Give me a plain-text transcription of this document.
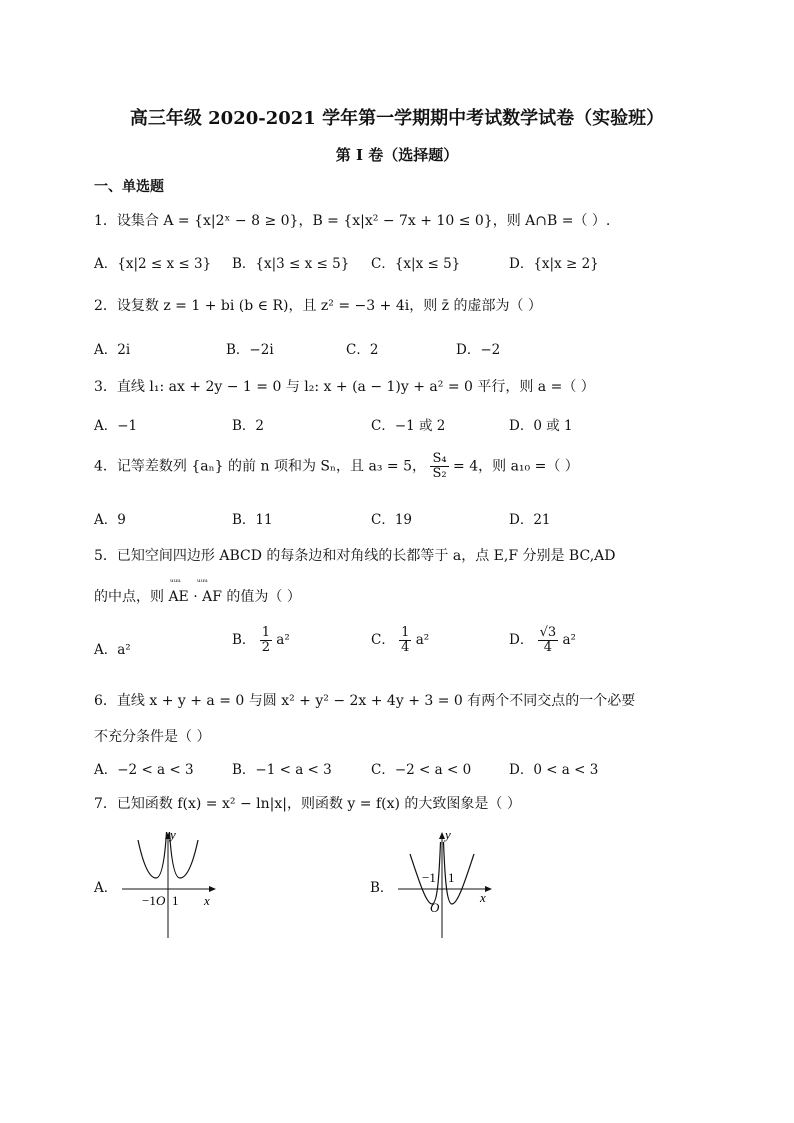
高三年级 2020-2021 学年第一学期期中考试数学试卷（实验班）
第 I 卷（选择题）
一、单选题
1．设集合 A = {x|2ˣ − 8 ≥ 0}，B = {x|x² − 7x + 10 ≤ 0}，则 A∩B =（ ）.
A．{x|2 ≤ x ≤ 3} B．{x|3 ≤ x ≤ 5} C．{x|x ≤ 5}	D．{x|x ≥ 2}
2．设复数 z = 1 + bi (b ∈ R)，且 z² = −3 + 4i，则 z̄ 的虚部为（ ）
A．2i	B．−2i	C．2	D．−2
3．直线 l₁: ax + 2y − 1 = 0 与 l₂: x + (a − 1)y + a² = 0 平行，则 a =（ ）
A．−1	B．2	C．−1 或 2	D．0 或 1
4．记等差数列 {aₙ} 的前 n 项和为 Sₙ，且 a₃ = 5， $\frac{\text{S₄}}{\text{S₂}} = 4$，则 a₁₀ =（ ）
A．9	B．11	C．19	D．21
5．已知空间四边形 ABCD 的每条边和对角线的长都等于 a，点 E,F 分别是 BC,AD
ᵘᵘᵘ ᵘᵘᵘ
的中点，则 AE · AF 的值为（ ）
A．a²
B． $\frac{1}{2} a^2$	C． $\frac{1}{4} a^2$	D． $\frac{√3}{4} a^2$
6．直线 x + y + a = 0 与圆 x² + y² − 2x + 4y + 3 = 0 有两个不同交点的一个必要
不充分条件是（ ）
A．−2 < a < 3	B．−1 < a < 3	C．−2 < a < 0	D．0 < a < 3
7．已知函数 f(x) = x² − ln|x|，则函数 y = f(x) 的大致图象是（ ）
A．
y
x
−1 O 1
B．
y
x
−1
O
1
